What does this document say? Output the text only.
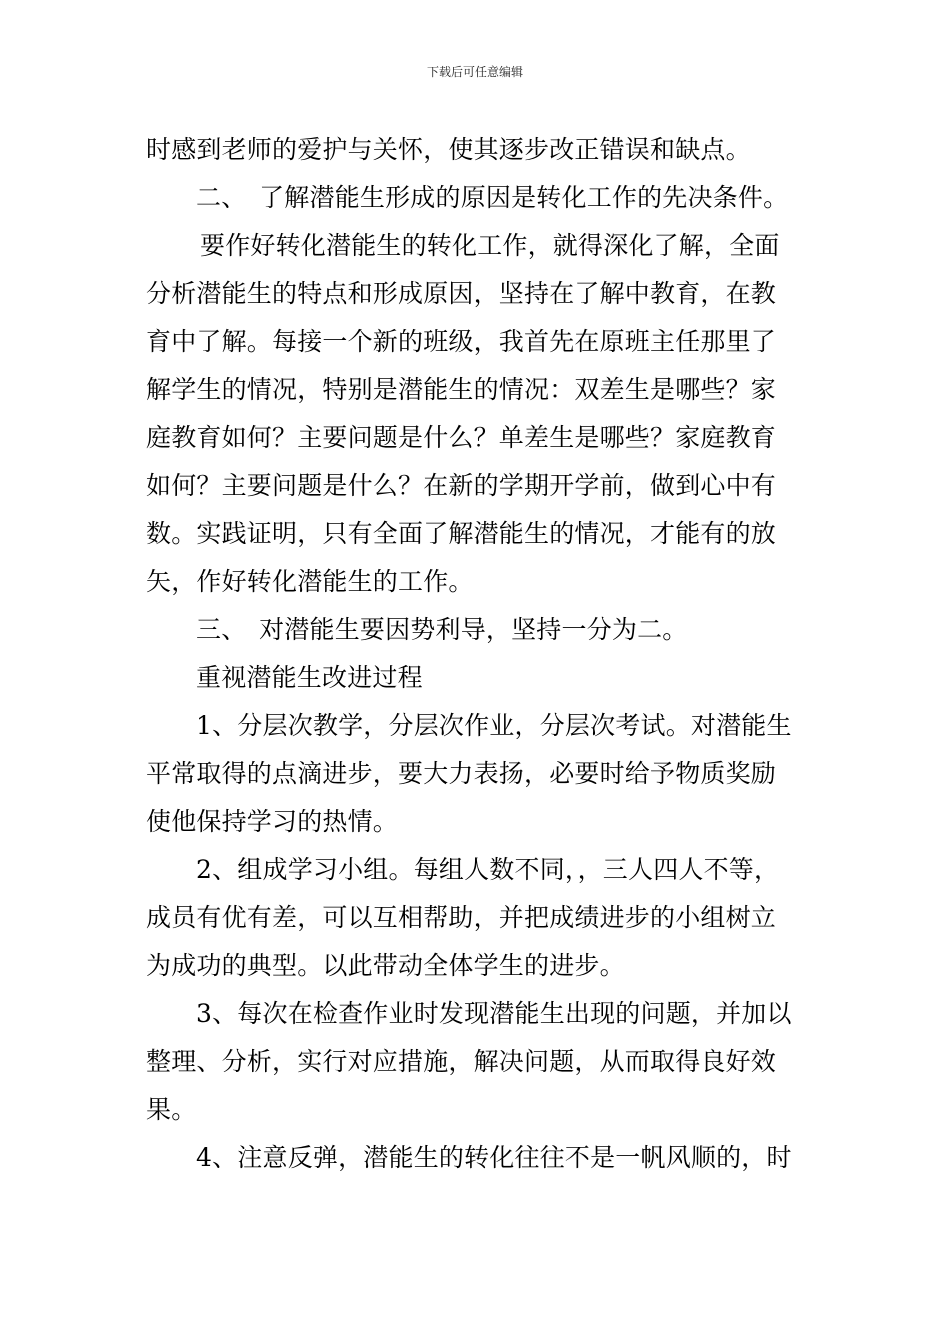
下载后可任意编辑
时感到老师的爱护与关怀，使其逐步改正错误和缺点。
二、　了解潜能生形成的原因是转化工作的先决条件。
要作好转化潜能生的转化工作，就得深化了解，全面
分析潜能生的特点和形成原因，坚持在了解中教育，在教
育中了解。每接一个新的班级，我首先在原班主任那里了
解学生的情况，特别是潜能生的情况：双差生是哪些？家
庭教育如何？主要问题是什么？单差生是哪些？家庭教育
如何？主要问题是什么？在新的学期开学前，做到心中有
数。实践证明，只有全面了解潜能生的情况，才能有的放
矢，作好转化潜能生的工作。
三、　对潜能生要因势利导，坚持一分为二。
重视潜能生改进过程
1、分层次教学，分层次作业，分层次考试。对潜能生
平常取得的点滴进步，要大力表扬，必要时给予物质奖励
使他保持学习的热情。
2、组成学习小组。每组人数不同，，三人四人不等，
成员有优有差，可以互相帮助，并把成绩进步的小组树立
为成功的典型。以此带动全体学生的进步。
3、每次在检查作业时发现潜能生出现的问题，并加以
整理、分析，实行对应措施，解决问题，从而取得良好效
果。
4、注意反弹，潜能生的转化往往不是一帆风顺的，时
